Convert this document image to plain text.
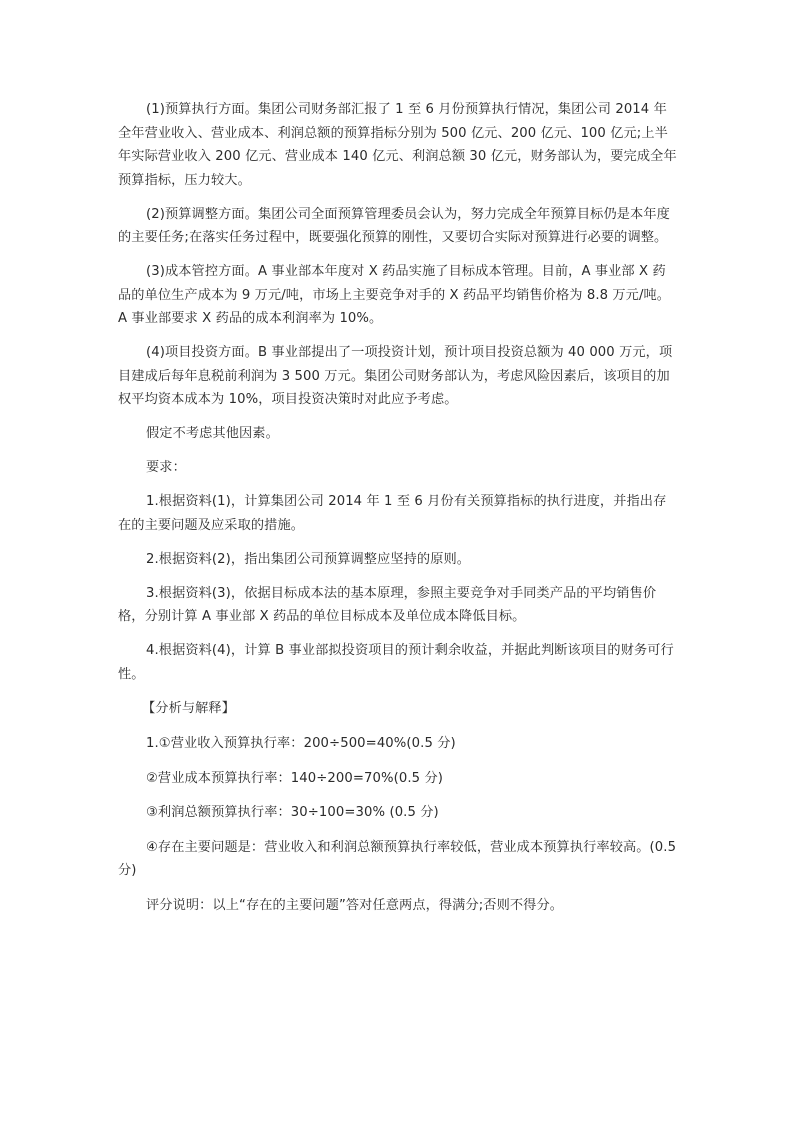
(1)预算执行方面。集团公司财务部汇报了 1 至 6 月份预算执行情况，集团公司 2014 年全年营业收入、营业成本、利润总额的预算指标分别为 500 亿元、200 亿元、100 亿元;上半年实际营业收入 200 亿元、营业成本 140 亿元、利润总额 30 亿元，财务部认为，要完成全年预算指标，压力较大。

(2)预算调整方面。集团公司全面预算管理委员会认为，努力完成全年预算目标仍是本年度的主要任务;在落实任务过程中，既要强化预算的刚性，又要切合实际对预算进行必要的调整。

(3)成本管控方面。A 事业部本年度对 X 药品实施了目标成本管理。目前，A 事业部 X 药品的单位生产成本为 9 万元/吨，市场上主要竞争对手的 X 药品平均销售价格为 8.8 万元/吨。A 事业部要求 X 药品的成本利润率为 10%。

(4)项目投资方面。B 事业部提出了一项投资计划，预计项目投资总额为 40 000 万元，项目建成后每年息税前利润为 3 500 万元。集团公司财务部认为，考虑风险因素后，该项目的加权平均资本成本为 10%，项目投资决策时对此应予考虑。

假定不考虑其他因素。

要求：

1.根据资料(1)，计算集团公司 2014 年 1 至 6 月份有关预算指标的执行进度，并指出存在的主要问题及应采取的措施。

2.根据资料(2)，指出集团公司预算调整应坚持的原则。

3.根据资料(3)，依据目标成本法的基本原理，参照主要竞争对手同类产品的平均销售价格，分别计算 A 事业部 X 药品的单位目标成本及单位成本降低目标。

4.根据资料(4)，计算 B 事业部拟投资项目的预计剩余收益，并据此判断该项目的财务可行性。

【分析与解释】

1.①营业收入预算执行率：200÷500=40%(0.5 分)

②营业成本预算执行率：140÷200=70%(0.5 分)

③利润总额预算执行率：30÷100=30% (0.5 分)

④存在主要问题是：营业收入和利润总额预算执行率较低，营业成本预算执行率较高。(0.5 分)

评分说明：以上“存在的主要问题”答对任意两点，得满分;否则不得分。
